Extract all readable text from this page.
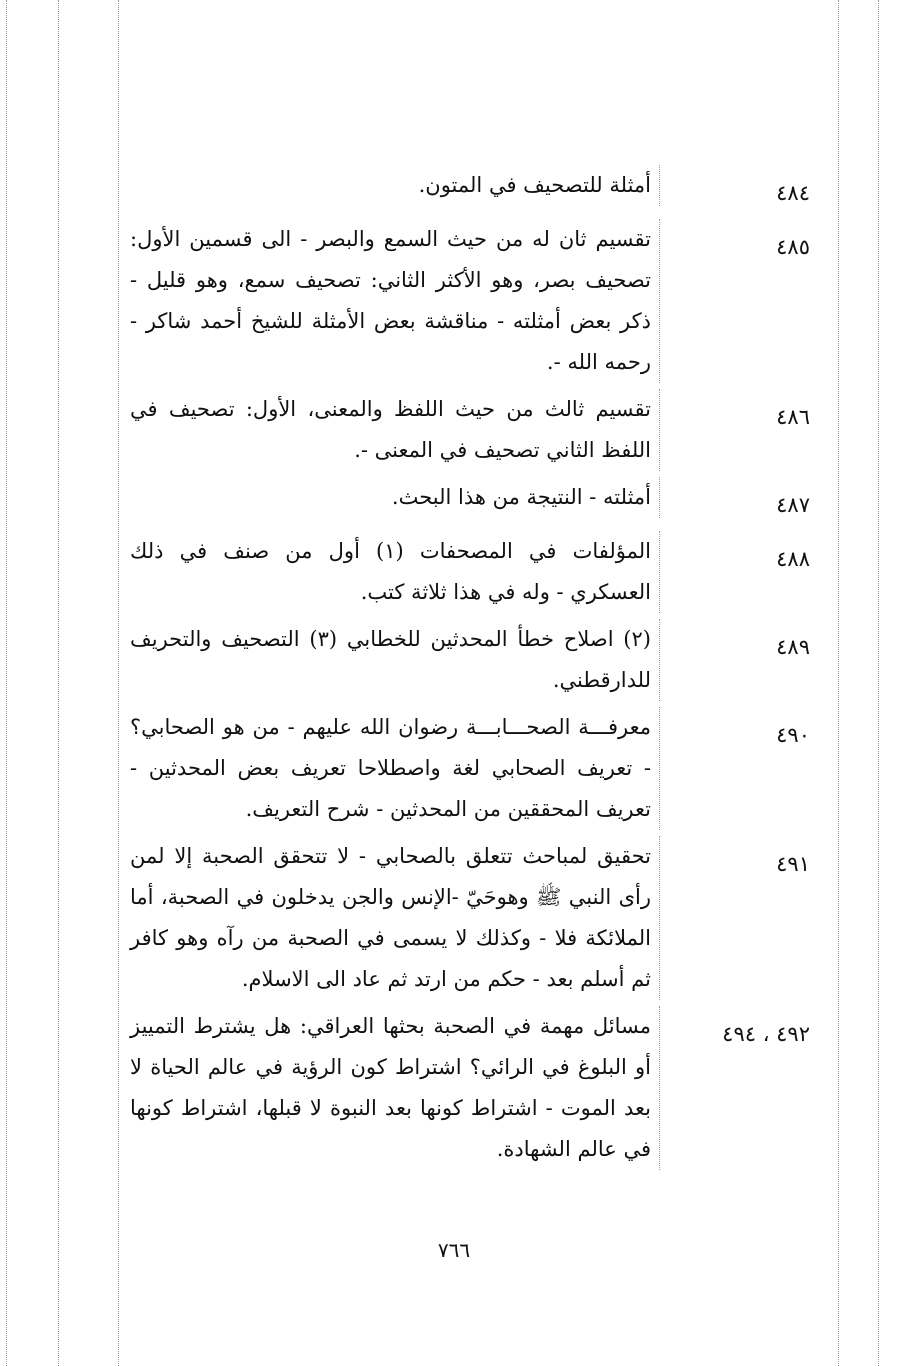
٤٨٤
أمثلة للتصحيف في المتون.
٤٨٥
تقسيم ثان له من حيث السمع والبصر - الى قسمين الأول: تصحيف بصر، وهو الأكثر الثاني: تصحيف سمع، وهو قليل - ذكر بعض أمثلته - مناقشة بعض الأمثلة للشيخ أحمد شاكر - رحمه الله -.
٤٨٦
تقسيم ثالث من حيث اللفظ والمعنى، الأول: تصحيف في اللفظ الثاني تصحيف في المعنى -.
٤٨٧
أمثلته - النتيجة من هذا البحث.
٤٨٨
المؤلفات في المصحفات (١) أول من صنف في ذلك العسكري - وله في هذا ثلاثة كتب.
٤٨٩
(٢) اصلاح خطأ المحدثين للخطابي (٣) التصحيف والتحريف للدارقطني.
٤٩٠
معرفـــة الصحـــابـــة رضوان الله عليهم - من هو الصحابي؟ - تعريف الصحابي لغة واصطلاحا تعريف بعض المحدثين - تعريف المحققين من المحدثين - شرح التعريف.
٤٩١
تحقيق لمباحث تتعلق بالصحابي - لا تتحقق الصحبة إلا لمن رأى النبي ﷺ وهوحَيّ -الإنس والجن يدخلون في الصحبة، أما الملائكة فلا - وكذلك لا يسمى في الصحبة من رآه وهو كافر ثم أسلم بعد - حكم من ارتد ثم عاد الى الاسلام.
٤٩٢ ، ٤٩٤
مسائل مهمة في الصحبة بحثها العراقي: هل يشترط التمييز أو البلوغ في الرائي؟ اشتراط كون الرؤية في عالم الحياة لا بعد الموت - اشتراط كونها بعد النبوة لا قبلها، اشتراط كونها في عالم الشهادة.
٧٦٦
